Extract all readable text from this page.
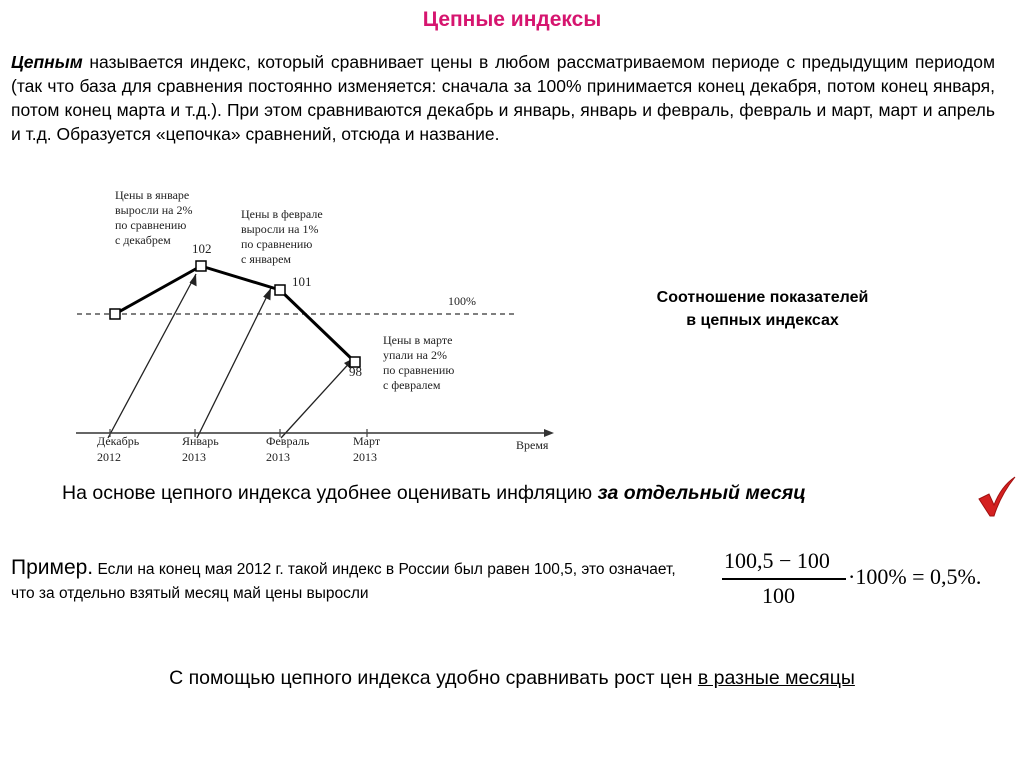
Цепные индексы
Цепным называется индекс, который сравнивает цены в любом рассматриваемом периоде с предыдущим периодом (так что база для сравнения постоянно изменяется: сначала за 100% принимается конец декабря, потом конец января, потом конец марта и т.д.). При этом сравниваются декабрь и январь, январь и февраль, февраль и март, март и апрель и т.д. Образуется «цепочка» сравнений, отсюда и название.
100%
Время
Декабрь
2012
Январь
2013
Февраль
2013
Март
2013
102
101
98
Цены в январе
выросли на 2%
по сравнению
с декабрем
Цены в феврале
выросли на 1%
по сравнению
с январем
Цены в марте
упали на 2%
по сравнению
с февралем
Соотношение показателей в цепных индексах
На основе цепного индекса удобнее оценивать инфляцию за отдельный месяц
Пример. Если на конец мая 2012 г. такой индекс в России был равен 100,5, это означает, что за отдельно взятый месяц май цены выросли
100,5 − 100
100
·100% = 0,5%.
С помощью цепного индекса удобно сравнивать рост цен в разные месяцы
